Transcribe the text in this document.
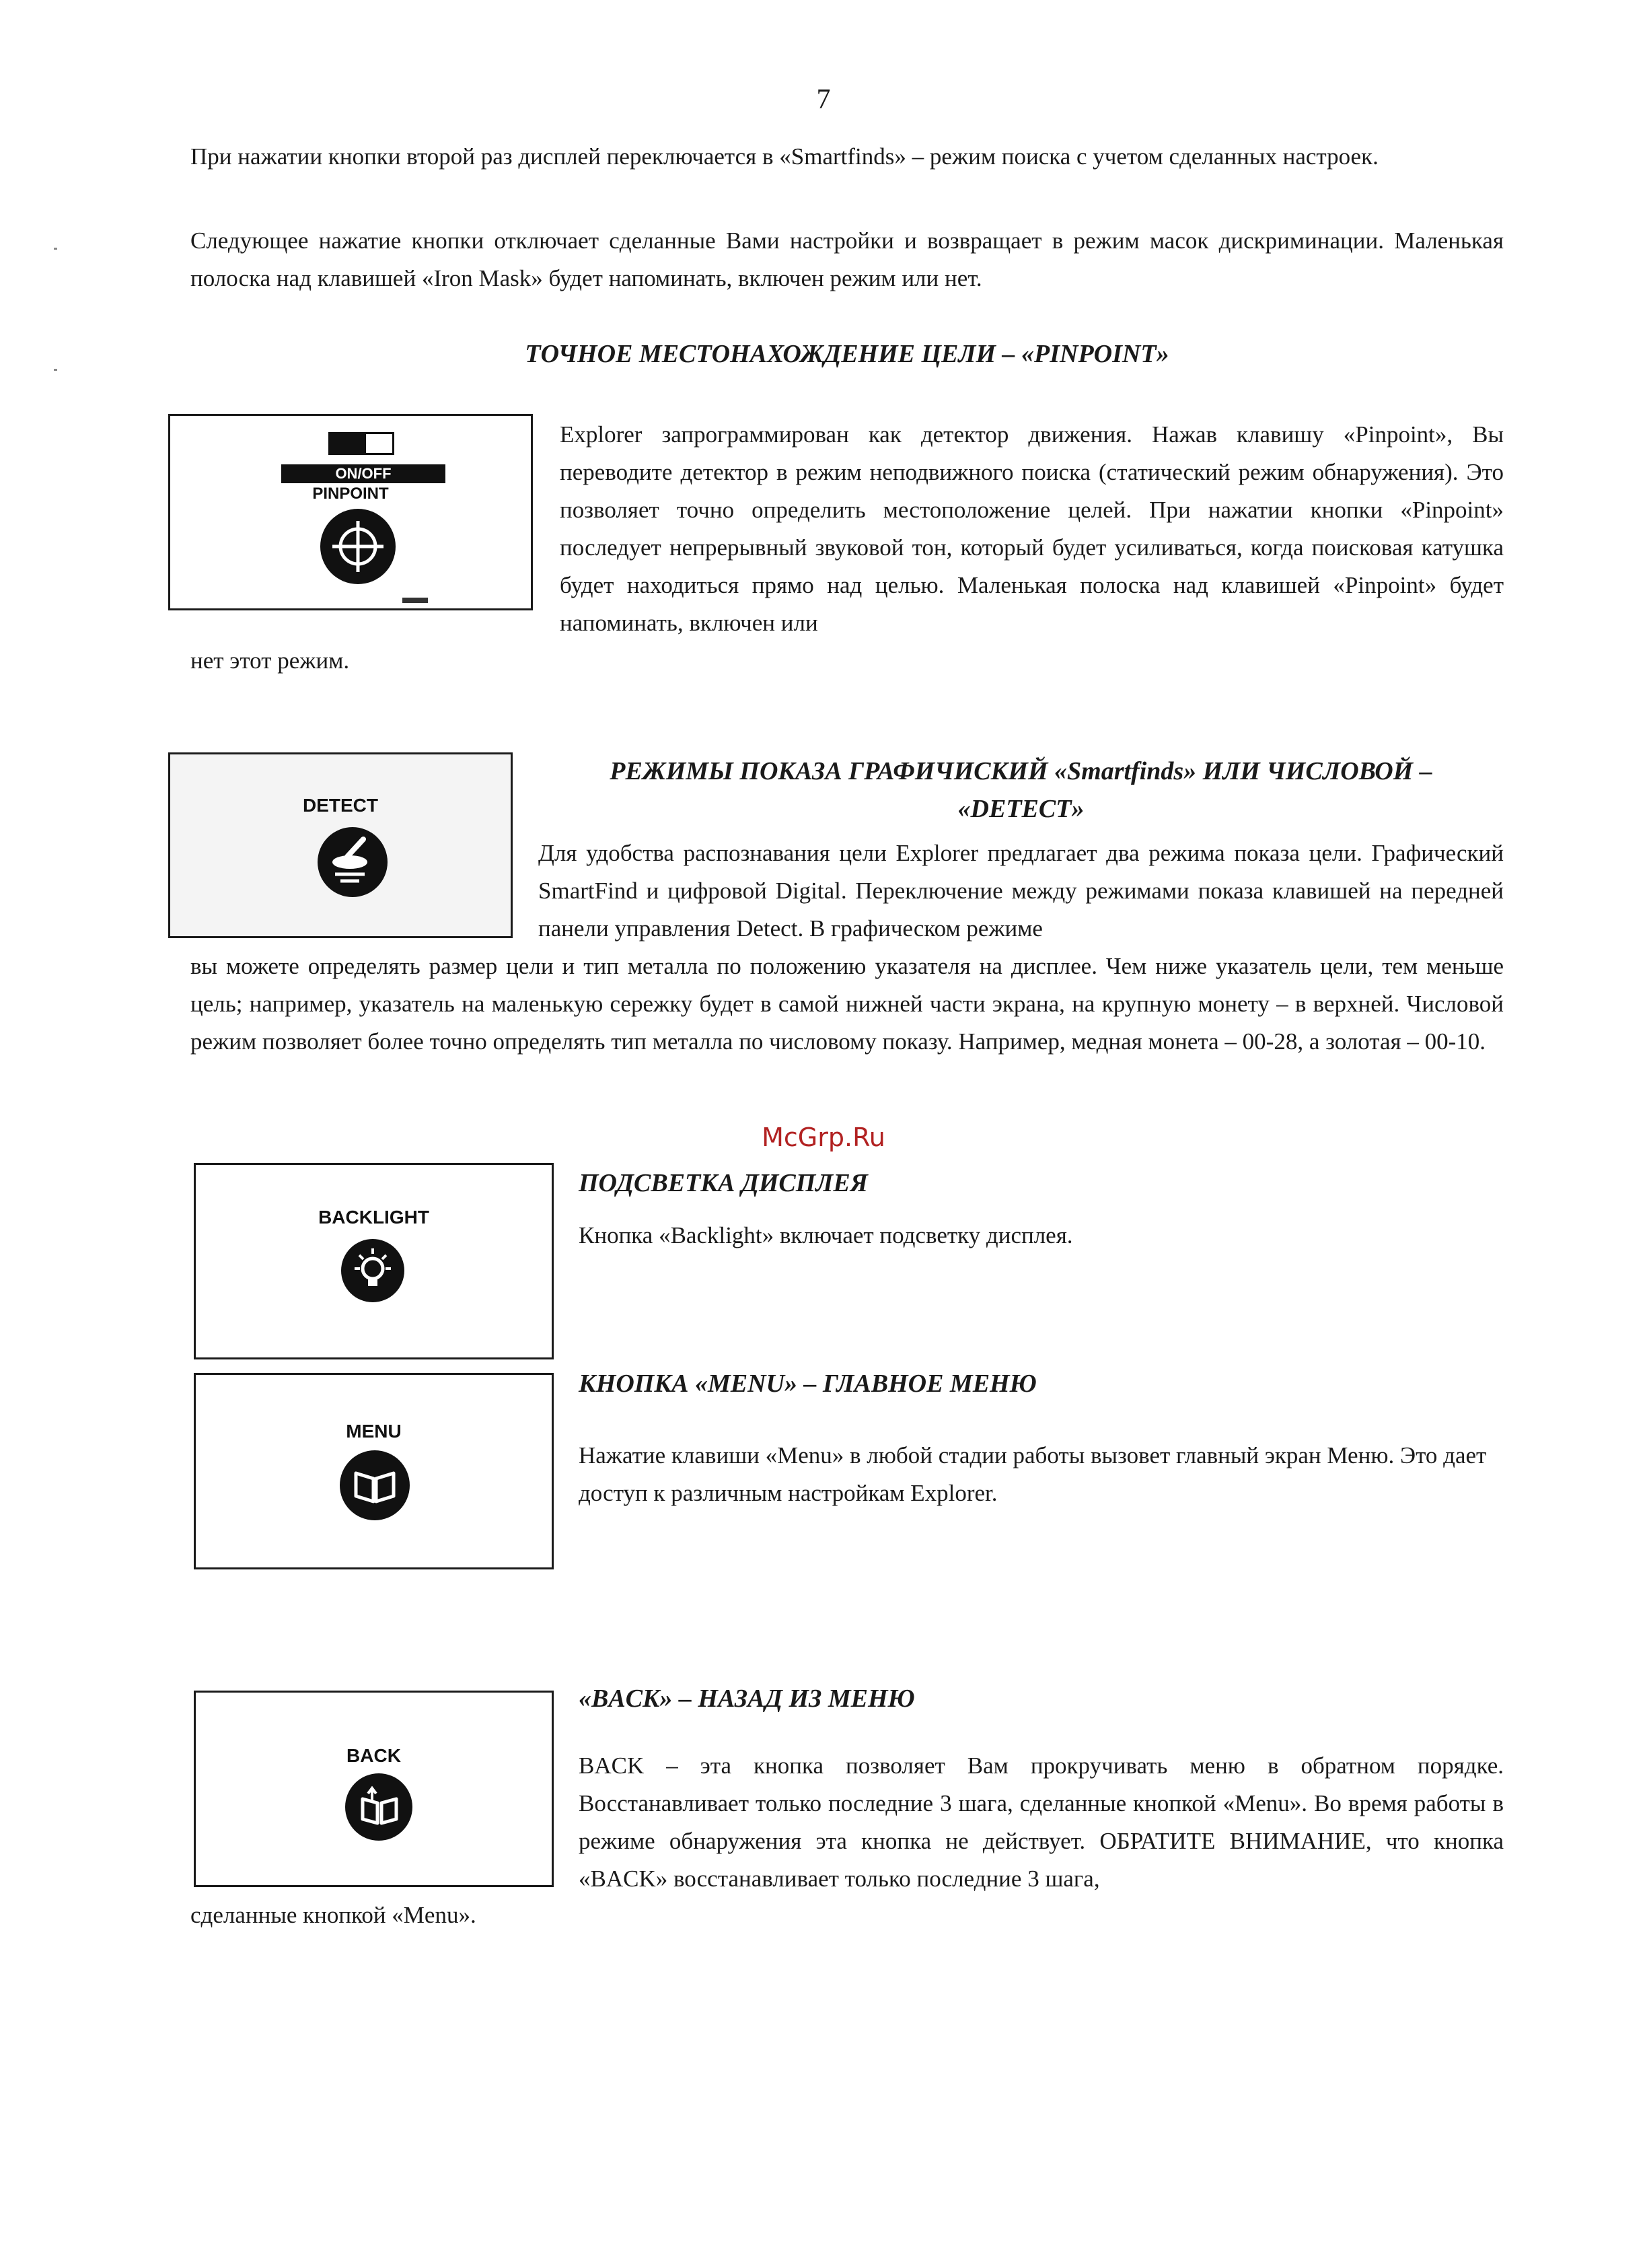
7
При нажатии кнопки второй раз дисплей переключается в «Smartfinds» – режим поиска с учетом сделанных настроек.
Следующее нажатие кнопки отключает сделанные Вами настройки и возвращает в режим масок дискриминации. Маленькая полоска над клавишей «Iron Mask» будет напоминать, включен режим или нет.
ТОЧНОЕ МЕСТОНАХОЖДЕНИЕ ЦЕЛИ – «PINPOINT»
ON/OFF
PINPOINT
Explorer запрограммирован как детектор движения. Нажав клавишу «Pinpoint», Вы переводите детектор в режим неподвижного поиска (статический режим обнаружения). Это позволяет точно определить местоположение целей. При нажатии кнопки «Pinpoint» последует непрерывный звуковой тон, который будет усиливаться, когда поисковая катушка будет находиться прямо над целью. Маленькая полоска над клавишей «Pinpoint» будет напоминать, включен или
нет этот режим.
DETECT
РЕЖИМЫ ПОКАЗА ГРАФИЧИСКИЙ «Smartfinds» ИЛИ ЧИСЛОВОЙ –
«DETECT»
Для удобства распознавания цели Explorer предлагает два режима показа цели. Графический SmartFind и цифровой Digital. Переключение между режимами показа клавишей на передней панели управления Detect. В графическом режиме
вы можете определять размер цели и тип металла по положению указателя на дисплее. Чем ниже указатель цели, тем меньше цель; например, указатель на маленькую сережку будет в самой нижней части экрана, на крупную монету – в верхней. Числовой режим позволяет более точно определять тип металла по числовому показу. Например, медная монета – 00-28, а золотая – 00-10.
McGrp.Ru
BACKLIGHT
ПОДСВЕТКА ДИСПЛЕЯ
Кнопка «Backlight» включает подсветку дисплея.
MENU
КНОПКА «MENU» – ГЛАВНОЕ МЕНЮ
Нажатие клавиши «Menu» в любой стадии работы вызовет главный экран Меню. Это дает доступ к различным настройкам Explorer.
BACK
«BACK» – НАЗАД ИЗ МЕНЮ
BACK – эта кнопка позволяет Вам прокручивать меню в обратном порядке. Восстанавливает только последние 3 шага, сделанные кнопкой «Menu». Во время работы в режиме обнаружения эта кнопка не действует. ОБРАТИТЕ ВНИМАНИЕ, что кнопка «BACK» восстанавливает только последние 3 шага,
сделанные кнопкой «Menu».
